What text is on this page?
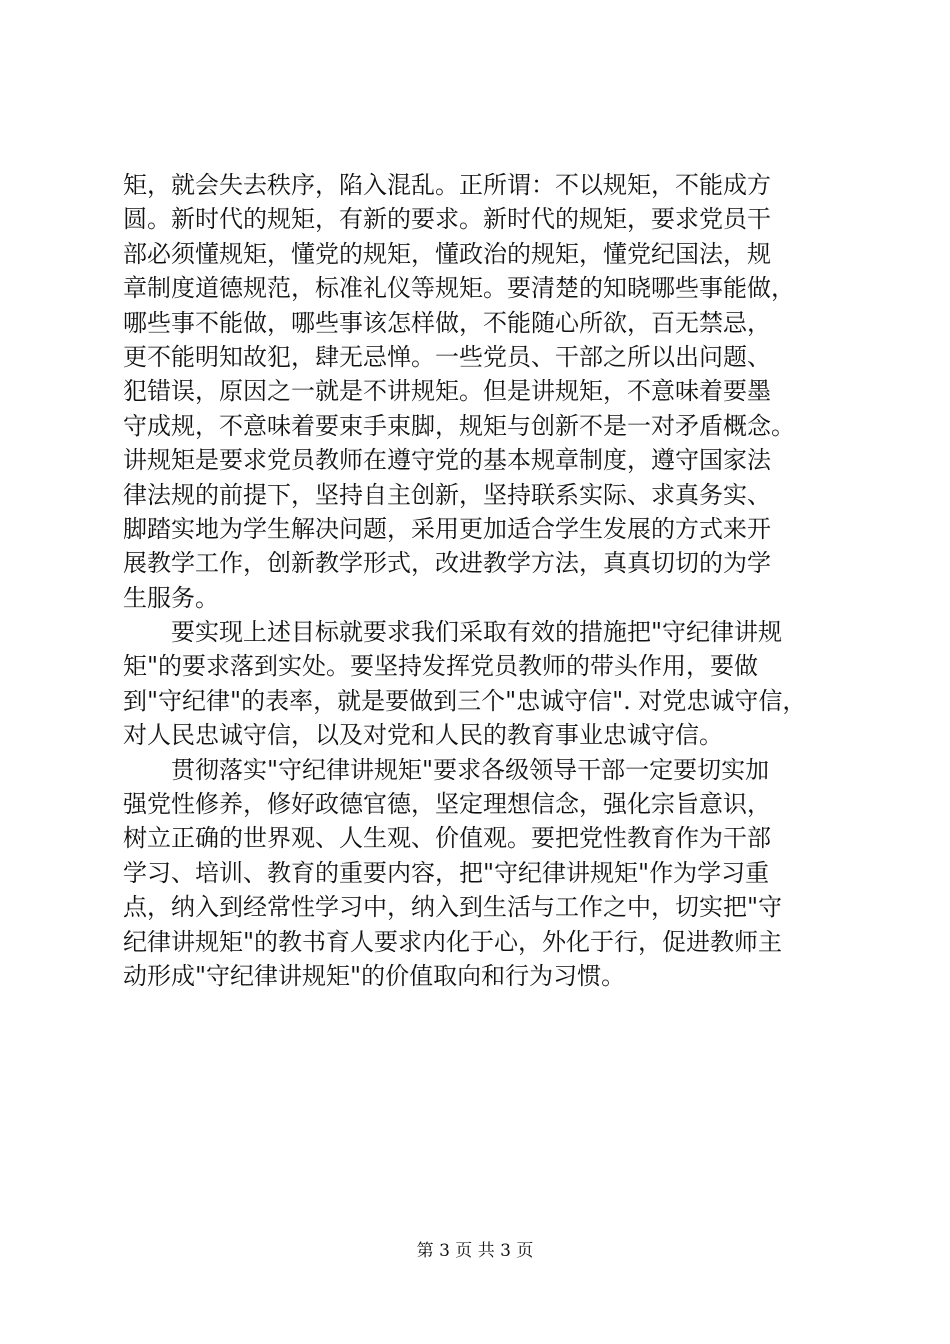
矩，就会失去秩序，陷入混乱。正所谓：不以规矩，不能成方
圆。新时代的规矩，有新的要求。新时代的规矩，要求党员干
部必须懂规矩，懂党的规矩，懂政治的规矩，懂党纪国法，规
章制度道德规范，标准礼仪等规矩。要清楚的知晓哪些事能做，
哪些事不能做，哪些事该怎样做，不能随心所欲，百无禁忌，
更不能明知故犯，肆无忌惮。一些党员、干部之所以出问题、
犯错误，原因之一就是不讲规矩。但是讲规矩，不意味着要墨
守成规，不意味着要束手束脚，规矩与创新不是一对矛盾概念。
讲规矩是要求党员教师在遵守党的基本规章制度，遵守国家法
律法规的前提下，坚持自主创新，坚持联系实际、求真务实、
脚踏实地为学生解决问题，采用更加适合学生发展的方式来开
展教学工作，创新教学形式，改进教学方法，真真切切的为学
生服务。
　　要实现上述目标就要求我们采取有效的措施把"守纪律讲规
矩"的要求落到实处。要坚持发挥党员教师的带头作用，要做
到"守纪律"的表率，就是要做到三个"忠诚守信". 对党忠诚守信，
对人民忠诚守信，以及对党和人民的教育事业忠诚守信。
　　贯彻落实"守纪律讲规矩"要求各级领导干部一定要切实加
强党性修养，修好政德官德，坚定理想信念，强化宗旨意识，
树立正确的世界观、人生观、价值观。要把党性教育作为干部
学习、培训、教育的重要内容，把"守纪律讲规矩"作为学习重
点，纳入到经常性学习中，纳入到生活与工作之中，切实把"守
纪律讲规矩"的教书育人要求内化于心，外化于行，促进教师主
动形成"守纪律讲规矩"的价值取向和行为习惯。
第 3 页 共 3 页
